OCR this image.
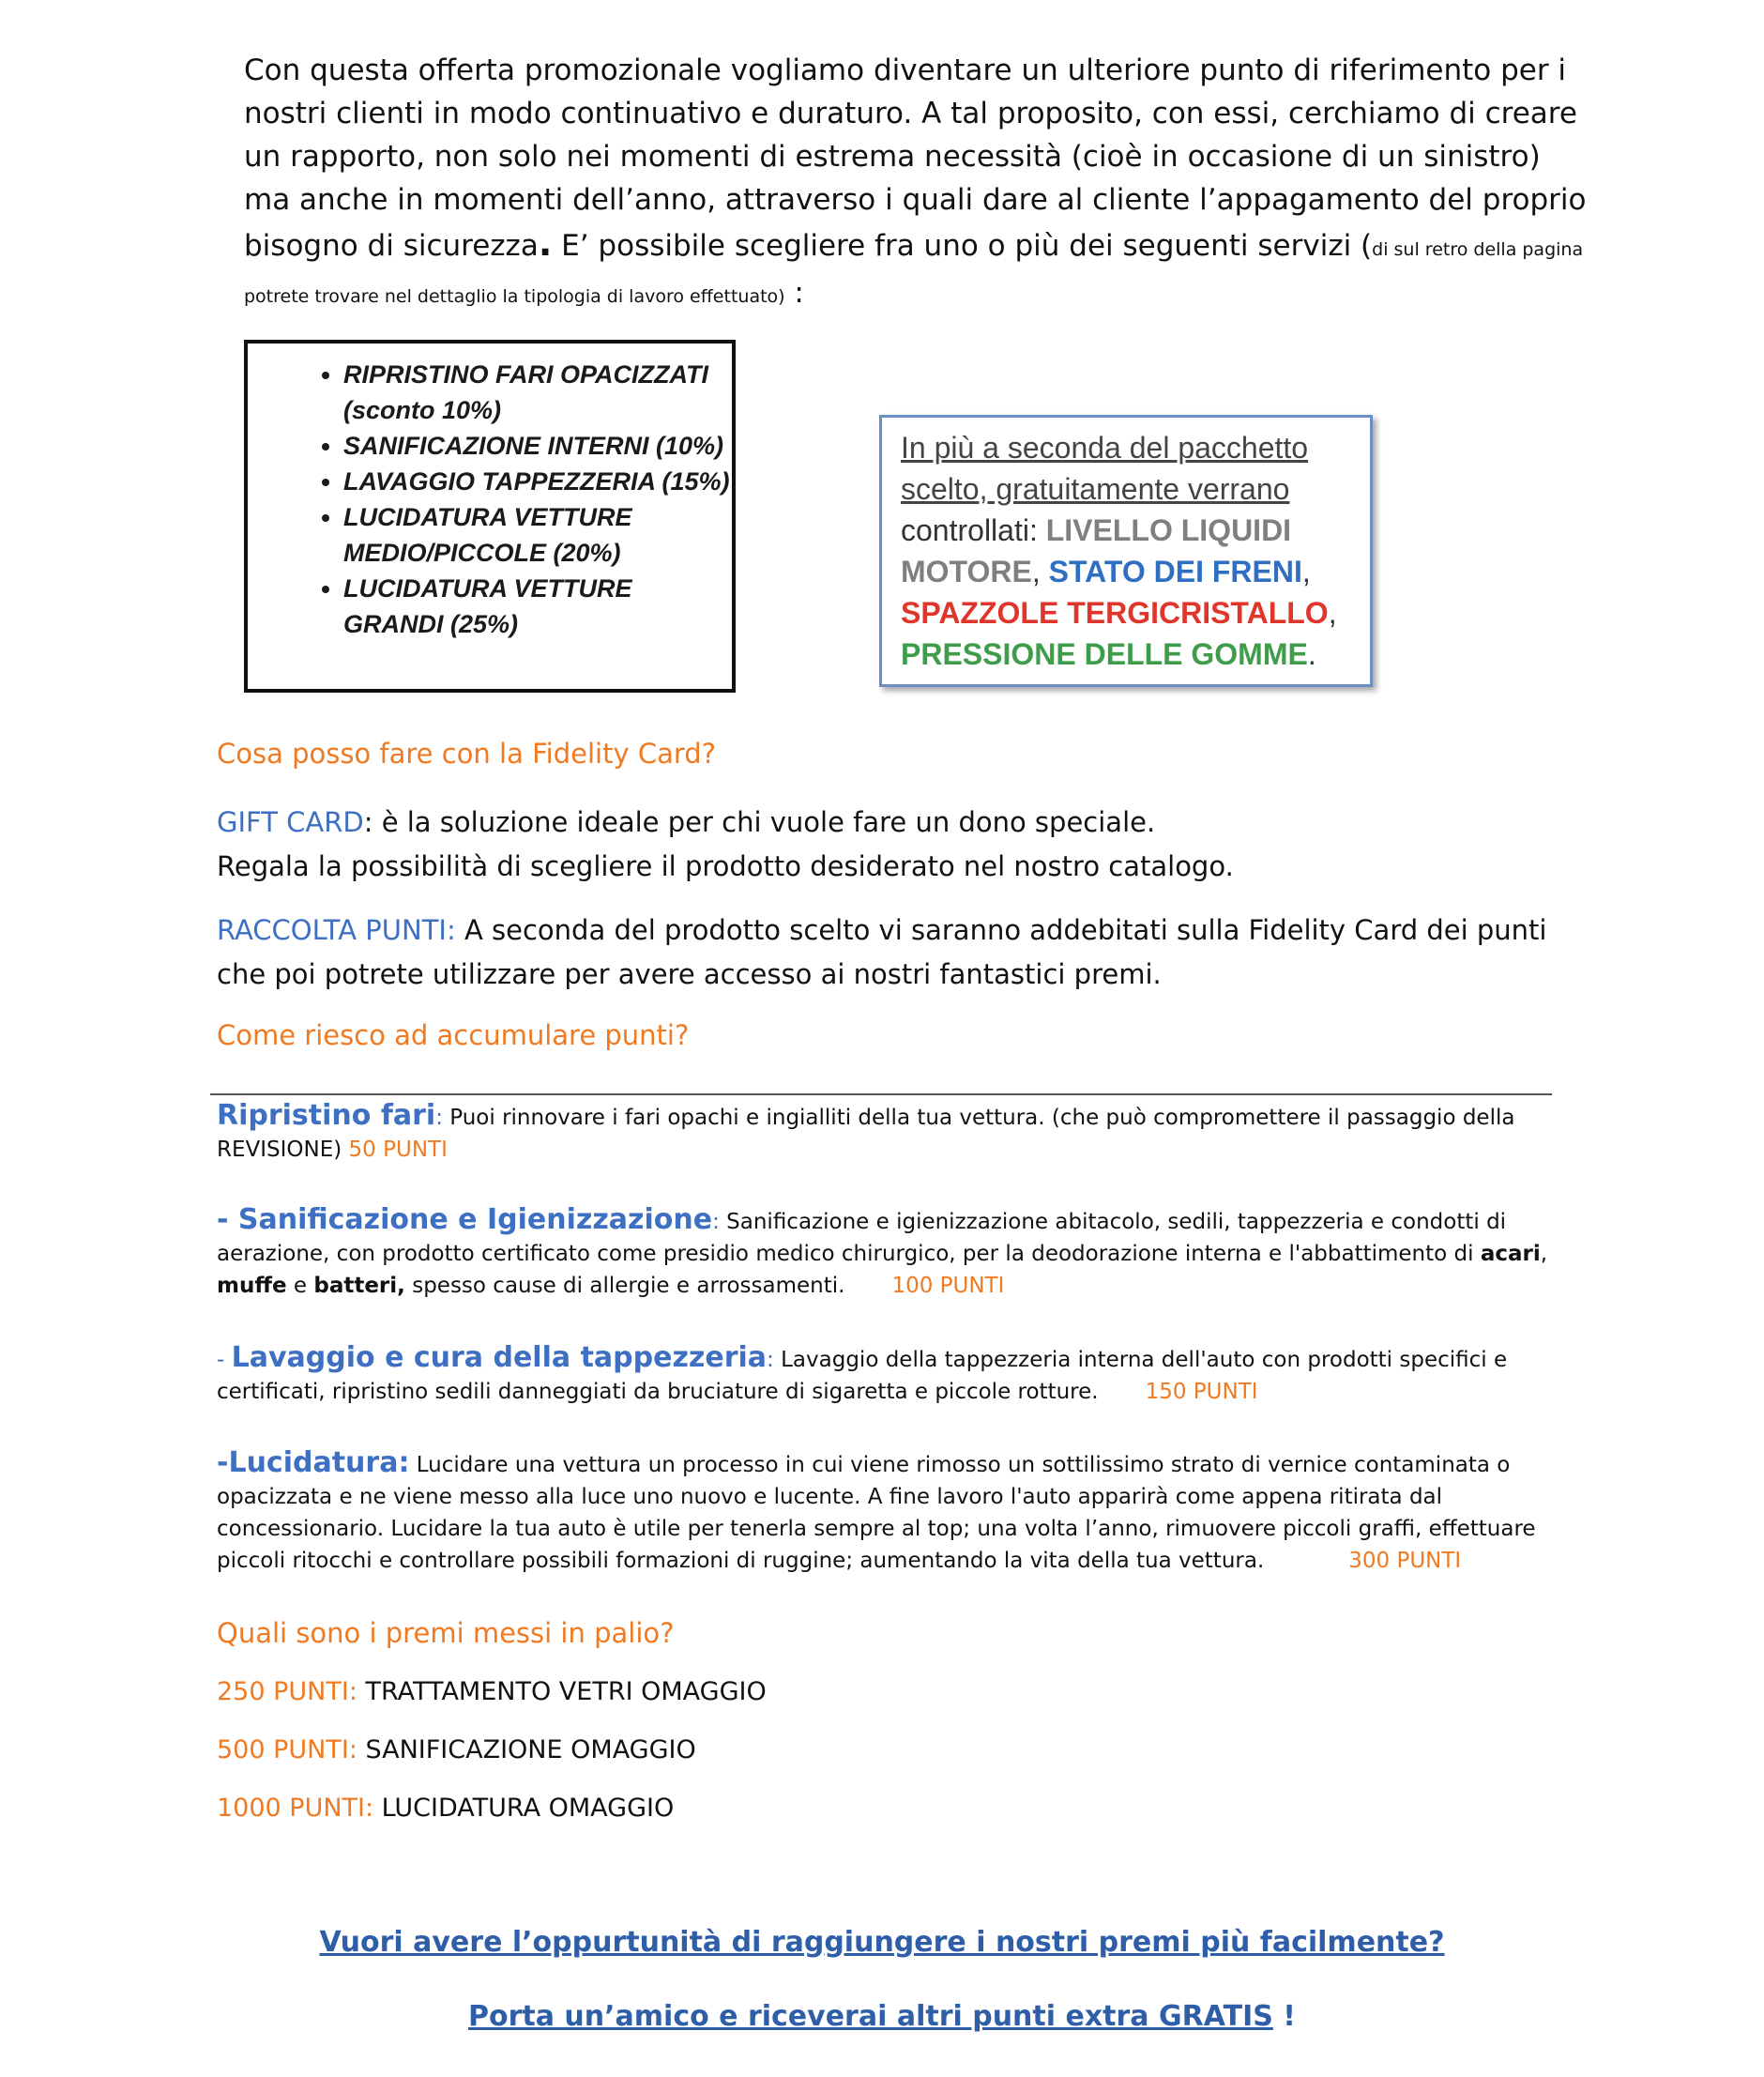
Con questa offerta promozionale vogliamo diventare un ulteriore punto di riferimento per i nostri clienti in modo continuativo e duraturo. A tal proposito, con essi, cerchiamo di creare un rapporto, non solo nei momenti di estrema necessità (cioè in occasione di un sinistro) ma anche in momenti dell’anno, attraverso i quali dare al cliente l’appagamento del proprio bisogno di sicurezza. E’ possibile scegliere fra uno o più dei seguenti servizi (di sul retro della pagina potrete trovare nel dettaglio la tipologia di lavoro effettuato) :
• RIPRISTINO FARI OPACIZZATI (sconto 10%)
• SANIFICAZIONE INTERNI (10%)
• LAVAGGIO TAPPEZZERIA (15%)
• LUCIDATURA VETTURE MEDIO/PICCOLE (20%)
• LUCIDATURA VETTURE GRANDI (25%)
In più a seconda del pacchetto scelto, gratuitamente verrano controllati: LIVELLO LIQUIDI MOTORE, STATO DEI FRENI, SPAZZOLE TERGICRISTALLO, PRESSIONE DELLE GOMME.
Cosa posso fare con la Fidelity Card?
GIFT CARD: è la soluzione ideale per chi vuole fare un dono speciale.
Regala la possibilità di scegliere il prodotto desiderato nel nostro catalogo.
RACCOLTA PUNTI: A seconda del prodotto scelto vi saranno addebitati sulla Fidelity Card dei punti che poi potrete utilizzare per avere accesso ai nostri fantastici premi.
Come riesco ad accumulare punti?
Ripristino fari: Puoi rinnovare i fari opachi e ingialliti della tua vettura. (che può compromettere il passaggio della REVISIONE) 50 PUNTI
- Sanificazione e Igienizzazione: Sanificazione e igienizzazione abitacolo, sedili, tappezzeria e condotti di aerazione, con prodotto certificato come presidio medico chirurgico, per la deodorazione interna e l'abbattimento di acari, muffe e batteri, spesso cause di allergie e arrossamenti. 100 PUNTI
- Lavaggio e cura della tappezzeria: Lavaggio della tappezzeria interna dell'auto con prodotti specifici e certificati, ripristino sedili danneggiati da bruciature di sigaretta e piccole rotture. 150 PUNTI
-Lucidatura: Lucidare una vettura un processo in cui viene rimosso un sottilissimo strato di vernice contaminata o opacizzata e ne viene messo alla luce uno nuovo e lucente. A fine lavoro l'auto apparirà come appena ritirata dal concessionario. Lucidare la tua auto è utile per tenerla sempre al top; una volta l’anno, rimuovere piccoli graffi, effettuare piccoli ritocchi e controllare possibili formazioni di ruggine; aumentando la vita della tua vettura.	300 PUNTI
Quali sono i premi messi in palio?
250 PUNTI: TRATTAMENTO VETRI OMAGGIO
500 PUNTI: SANIFICAZIONE OMAGGIO
1000 PUNTI: LUCIDATURA OMAGGIO
Vuori avere l’oppurtunità di raggiungere i nostri premi più facilmente?
Porta un’amico e riceverai altri punti extra GRATIS !
